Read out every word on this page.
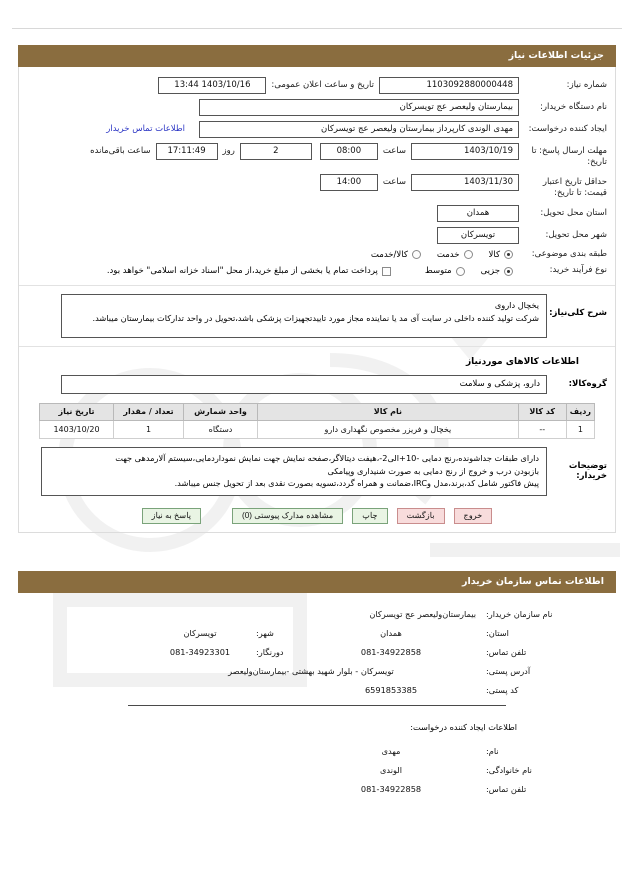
جزئیات اطلاعات نیاز
شماره نیاز:
1103092880000448
تاریخ و ساعت اعلان عمومی:
1403/10/16 13:44
نام دستگاه خریدار:
بیمارستان ولیعصر عج تویسرکان
ایجاد کننده درخواست:
مهدی الوندی کارپرداز بیمارستان ولیعصر عج تویسرکان
اطلاعات تماس خریدار
مهلت ارسال پاسخ: تا تاریخ:
1403/10/19
ساعت
08:00
2
روز
17:11:49
ساعت باقی‌مانده
حداقل تاریخ اعتبار قیمت: تا تاریخ:
1403/11/30
ساعت
14:00
استان محل تحویل:
همدان
شهر محل تحویل:
تویسرکان
طبقه بندی موضوعی:
کالا
خدمت
کالا/خدمت
نوع فرآیند خرید:
جزیی
متوسط
پرداخت تمام یا بخشی از مبلغ خرید،از محل "اسناد خزانه اسلامی" خواهد بود.
شرح کلی‌نیاز:
یخچال داروی
شرکت تولید کننده داخلی در سایت آی مد یا نماینده مجاز مورد تاییدتجهیزات پزشکی باشد،تحویل در واحد تدارکات بیمارستان میباشد.
اطلاعات کالاهای موردنیاز
گروه‌کالا:
دارو، پزشکی و سلامت
ردیف	کد کالا	نام کالا	واحد شمارش	تعداد / مقدار	تاریخ نیاز
1	--	یخچال و فریزر مخصوص نگهداری دارو	دستگاه	1	1403/10/20
توضیحات خریدار:
دارای طبقات جداشونده،رنج دمایی -10+الی2-،هیفت دیتالاگر،صفحه نمایش جهت نمایش نموداردمایی،سیستم آلارمدهی جهت
بازبودن درب و خروج از رنج دمایی به صورت شنیداری وپیامکی
پیش فاکتور شامل کد،برند،مدل وIRC،ضمانت و همراه گردد،تسویه بصورت نقدی بعد از تحویل جنس میباشد.
خروج
بازگشت
چاپ
مشاهده مدارک پیوستی (0)
پاسخ به نیاز
اطلاعات تماس سازمان خریدار
نام سازمان خریدار:
بیمارستان‌ولیعصر عج تویسرکان
استان:
همدان
شهر:
تویسرکان
تلفن تماس:
081-34922858
دورنگار:
081-34923301
آدرس پستی:
تویسرکان - بلوار شهید بهشتی -بیمارستان‌ولیعصر
کد پستی:
6591853385
اطلاعات ایجاد کننده درخواست:
نام:
مهدی
نام خانوادگی:
الوندی
تلفن تماس:
081-34922858
